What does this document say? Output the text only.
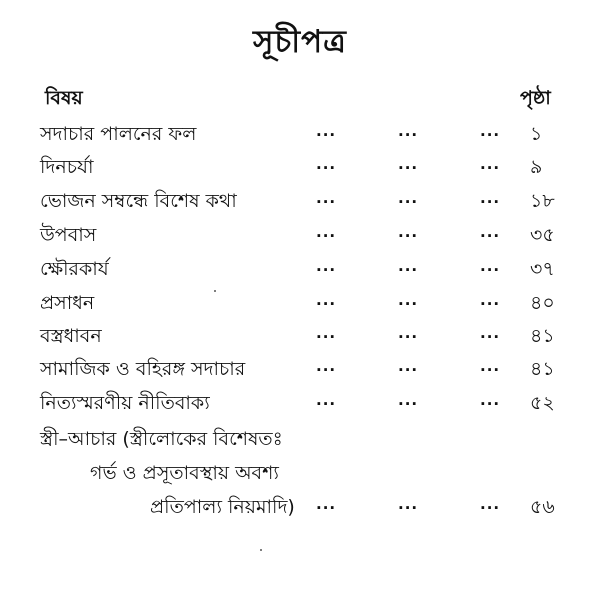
সূচীপত্র
বিষয়	পৃষ্ঠা
সদাচার পালনের ফল	...	...	... ১
দিনচর্যা	...	...	... ৯
ভোজন সম্বন্ধে বিশেষ কথা	...	...	... ১৮
উপবাস	...	...	... ৩৫
ক্ষৌরকার্য	...	...	... ৩৭
প্রসাধন	...	...	... ৪০
বস্ত্রধাবন	...	...	... ৪১
সামাজিক ও বহিরঙ্গ সদাচার	...	...	... ৪১
নিত্যস্মরণীয় নীতিবাক্য	...	...	... ৫২
স্ত্রী–আচার (স্ত্রীলোকের বিশেষতঃ
গর্ভ ও প্রসূতাবস্থায় অবশ্য
প্রতিপাল্য নিয়মাদি) ...	...	... ৫৬
